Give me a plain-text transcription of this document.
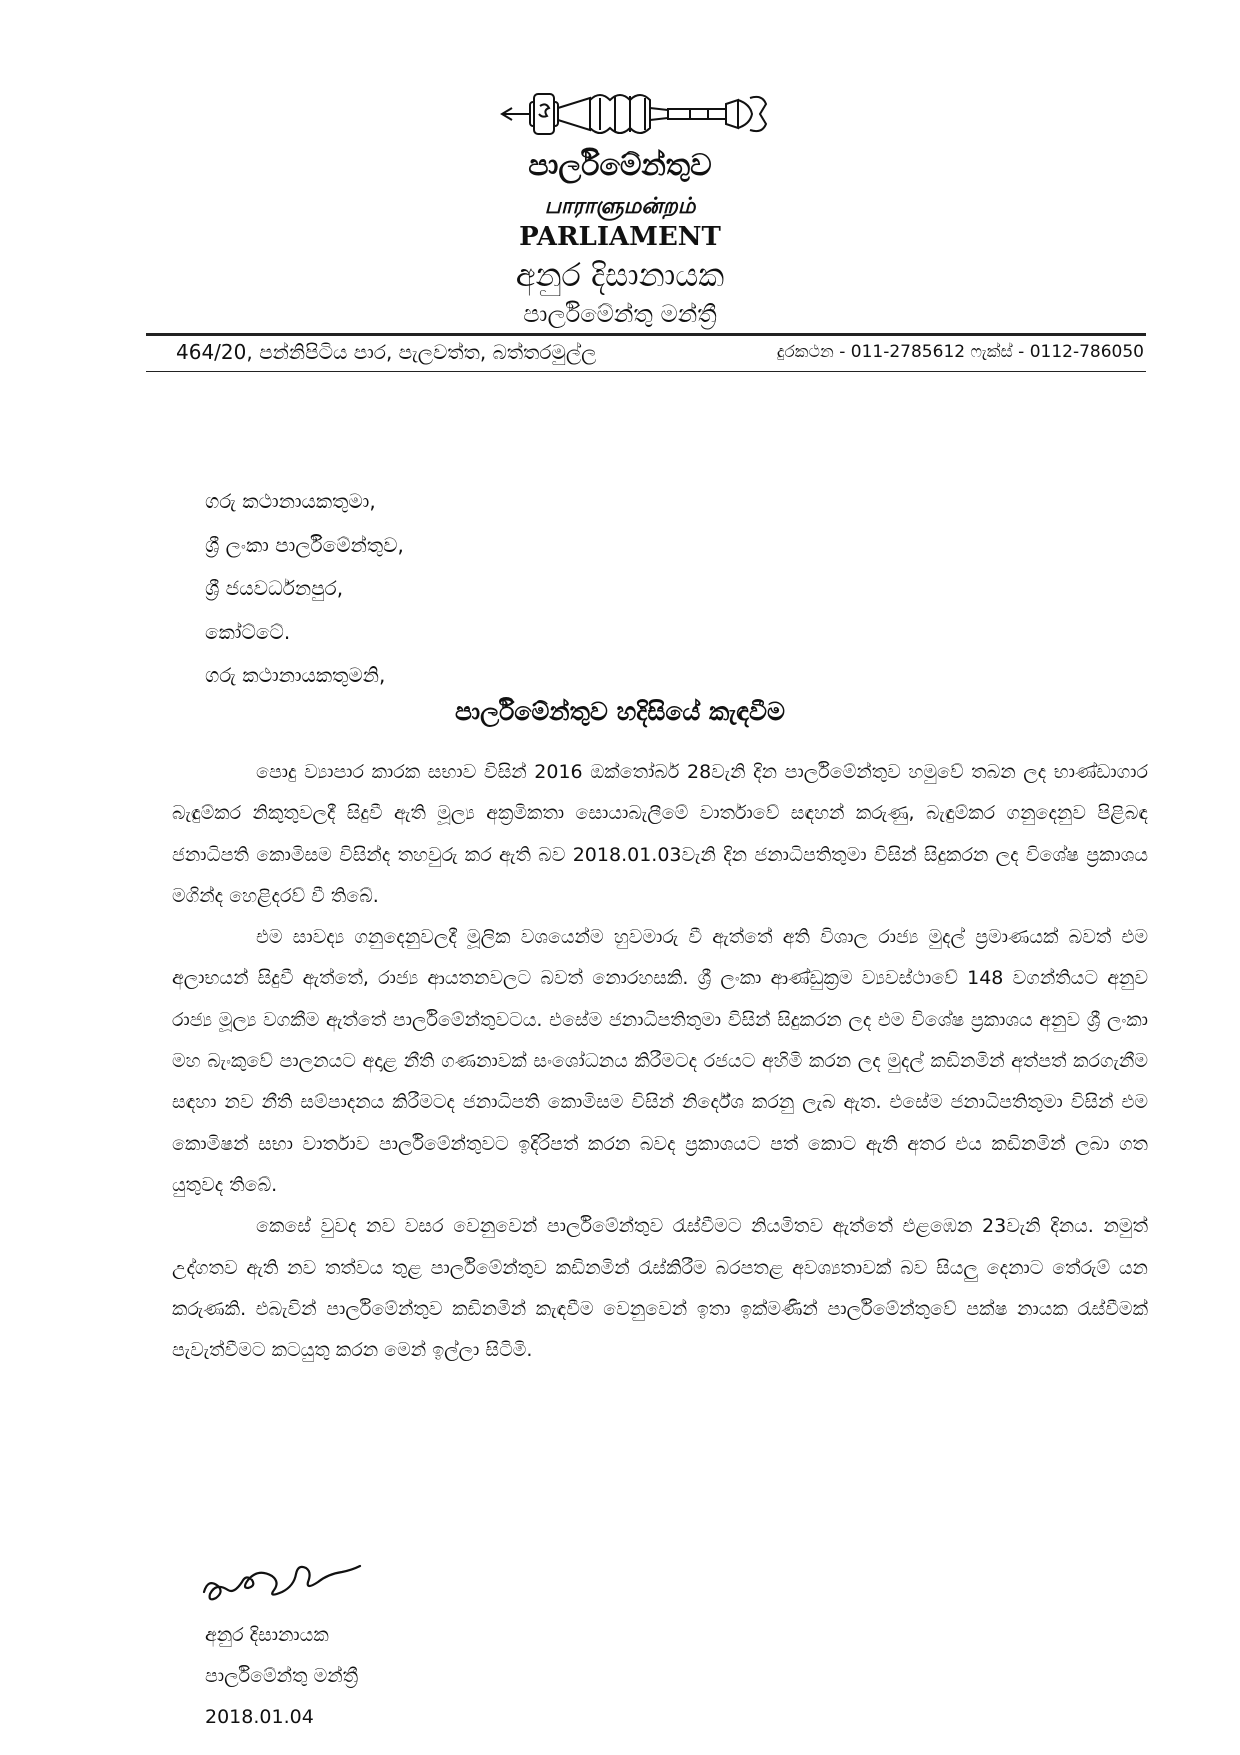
පාර්ලිමේන්තුව
பாராளுமன்றம்
PARLIAMENT
අනුර දිසානායක
පාර්ලිමේන්තු මන්ත්‍රී
464/20, පන්නිපිටිය පාර, පැලවත්ත, බත්තරමුල්ල	දුරකථන - 011-2785612 ෆැක්ස් - 0112-786050
ගරු කථානායකතුමා,
ශ්‍රී ලංකා පාර්ලිමේන්තුව,
ශ්‍රී ජයවර්ධනපුර,
කෝට්ටේ.
ගරු කථානායකතුමනි,
පාර්ලිමේන්තුව හදිසියේ කැඳවීම

පොදු ව්‍යාපාර කාරක සභාව විසින් 2016 ඔක්තෝබර් 28වැනි දින පාර්ලිමේන්තුව හමුවේ තබන ලද භාණ්ඩාගාර බැඳුම්කර නිකුතුවලදී සිදුවී ඇති මූල්‍ය අක්‍රමිකතා සොයාබැලීමේ වාර්තාවේ සඳහන් කරුණු, බැඳුම්කර ගනුදෙනුව පිළිබඳ ජනාධිපති කොමිසම විසින්ද තහවුරු කර ඇති බව 2018.01.03වැනි දින ජනාධිපතිතුමා විසින් සිදුකරන ලද විශේෂ ප්‍රකාශය මගින්ද හෙළිදරව් වී තිබේ.

එම සාවද්‍ය ගනුදෙනුවලදී මූලික වශයෙන්ම හුවමාරු වී ඇත්තේ අති විශාල රාජ්‍ය මුදල් ප්‍රමාණයක් බවත් එම අලාභයන් සිදුවී ඇත්තේ, රාජ්‍ය ආයතනවලට බවත් නොරහසකි. ශ්‍රී ලංකා ආණ්ඩුක්‍රම ව්‍යවස්ථාවේ 148 වගන්තියට අනුව රාජ්‍ය මූල්‍ය වගකීම ඇත්තේ පාර්ලිමේන්තුවටය. එසේම ජනාධිපතිතුමා විසින් සිදුකරන ලද එම විශේෂ ප්‍රකාශය අනුව ශ්‍රී ලංකා මහ බැංකුවේ පාලනයට අදාළ නීති ගණනාවක් සංශෝධනය කිරීමටද රජයට අහිමි කරන ලද මුදල් කඩිනමින් අත්පත් කරගැනීම සඳහා නව නීති සම්පාදනය කිරීමටද ජනාධිපති කොමිසම විසින් නිර්දේශ කරනු ලැබ ඇත. එසේම ජනාධිපතිතුමා විසින් එම කොමිෂන් සභා වාර්තාව පාර්ලිමේන්තුවට ඉදිරිපත් කරන බවද ප්‍රකාශයට පත් කොට ඇති අතර එය කඩිනමින් ලබා ගත යුතුවද තිබේ.

කෙසේ වුවද නව වසර වෙනුවෙන් පාර්ලිමේන්තුව රැස්වීමට නියමිතව ඇත්තේ එළඹෙන 23වැනි දිනය. නමුත් උද්ගතව ඇති නව තත්වය තුළ පාර්ලිමේන්තුව කඩිනමින් රැස්කිරීම බරපතළ අවශ්‍යතාවක් බව සියලු දෙනාට තේරුම් යන කරුණකි. එබැවින් පාර්ලිමේන්තුව කඩිනමින් කැඳවීම වෙනුවෙන් ඉතා ඉක්මණින් පාර්ලිමේන්තුවේ පක්ෂ නායක රැස්වීමක් පැවැත්වීමට කටයුතු කරන මෙන් ඉල්ලා සිටිමි.

අනුර දිසානායක
පාර්ලිමේන්තු මන්ත්‍රී
2018.01.04
